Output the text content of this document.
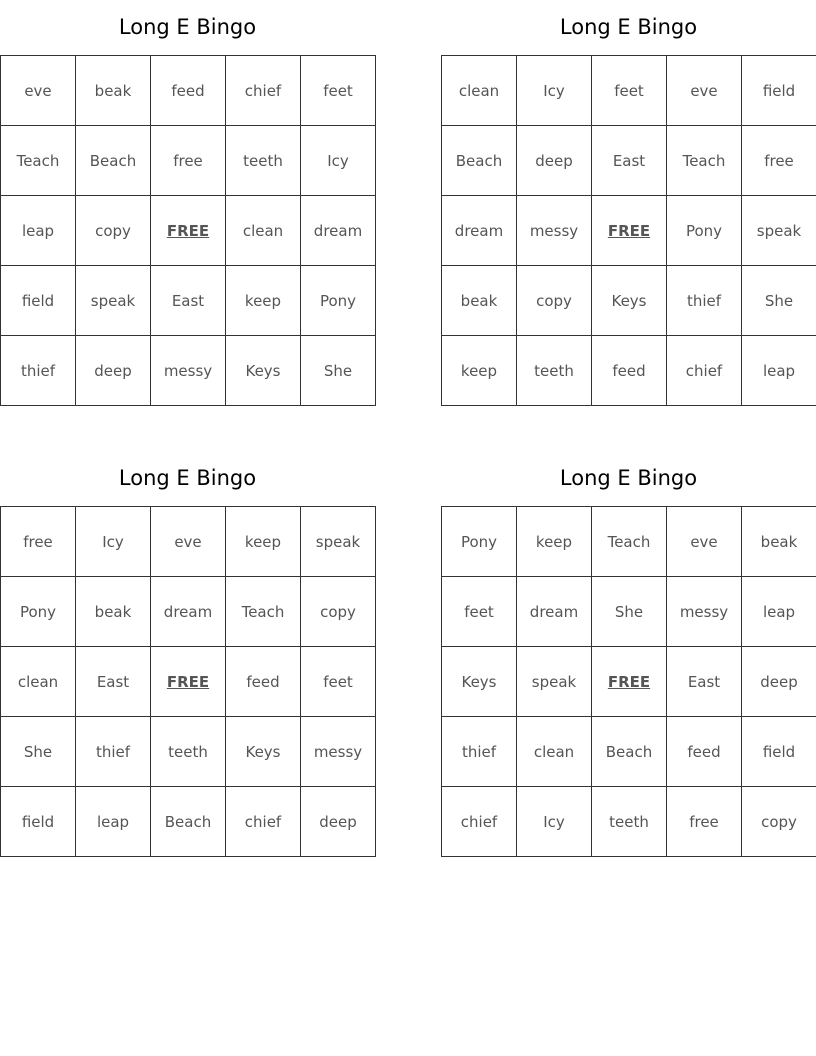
Long E Bingo
eve	beak	feed	chief	feet
Teach	Beach	free	teeth	Icy
leap	copy	FREE	clean	dream
field	speak	East	keep	Pony
thief	deep	messy	Keys	She
Long E Bingo
clean	Icy	feet	eve	field
Beach	deep	East	Teach	free
dream	messy	FREE	Pony	speak
beak	copy	Keys	thief	She
keep	teeth	feed	chief	leap
Long E Bingo
free	Icy	eve	keep	speak
Pony	beak	dream	Teach	copy
clean	East	FREE	feed	feet
She	thief	teeth	Keys	messy
field	leap	Beach	chief	deep
Long E Bingo
Pony	keep	Teach	eve	beak
feet	dream	She	messy	leap
Keys	speak	FREE	East	deep
thief	clean	Beach	feed	field
chief	Icy	teeth	free	copy
